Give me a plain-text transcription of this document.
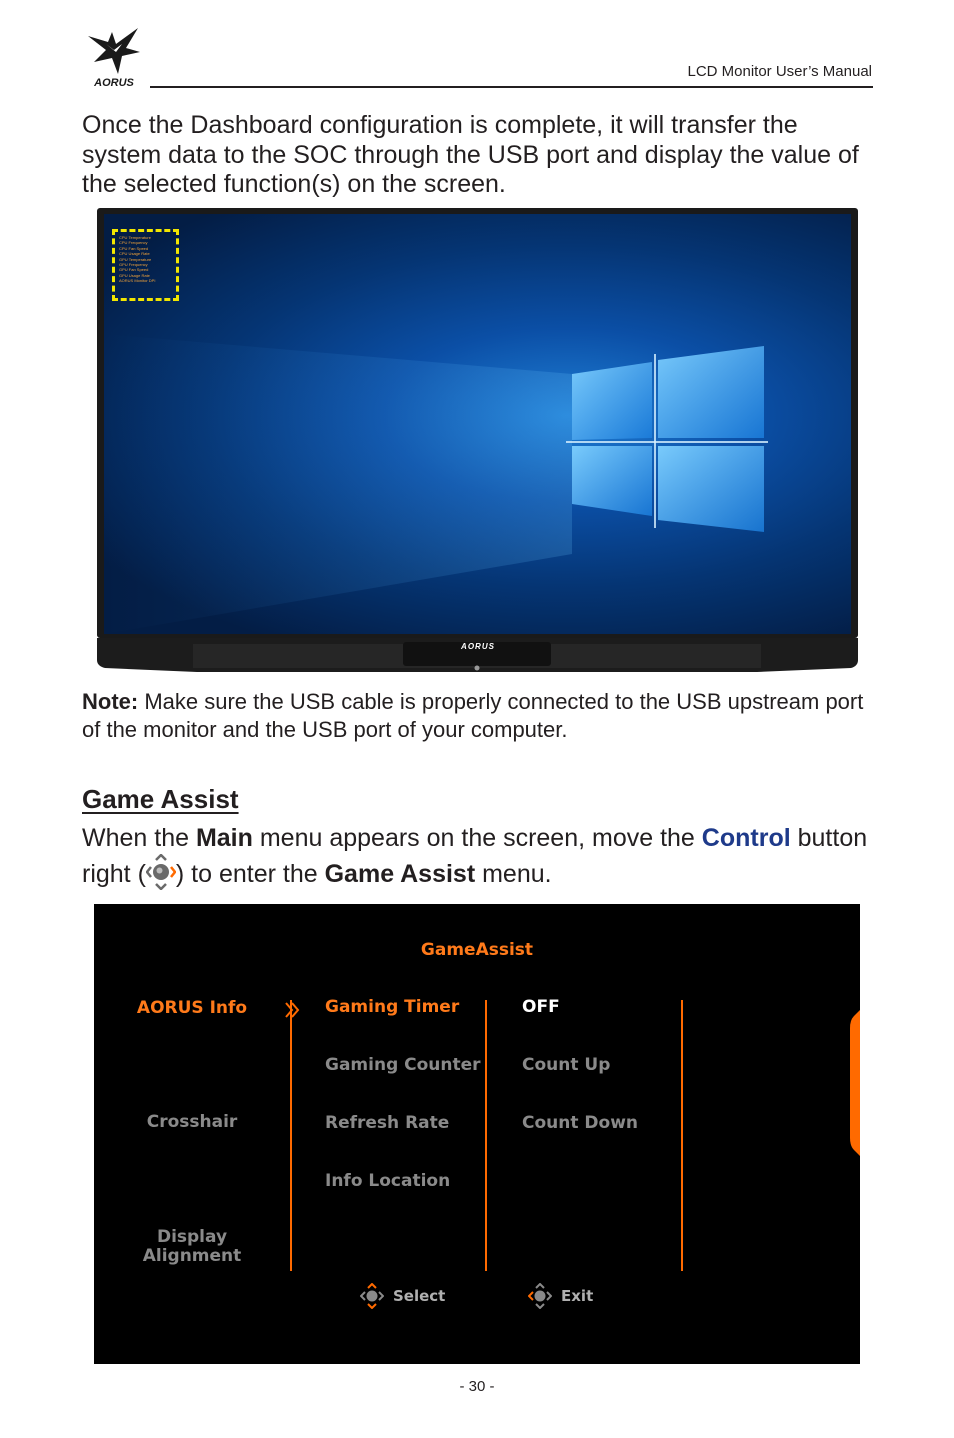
AORUS
LCD Monitor User’s Manual
Once the Dashboard configuration is complete, it will transfer the system data to the SOC through the USB port and display the value of the selected function(s) on the screen.
CPU Temperature
CPU Frequency
CPU Fan Speed
CPU Usage Rate
GPU Temperature
GPU Frequency
GPU Fan Speed
GPU Usage Rate
AORUS Monitor DPI
AORUS
Note: Make sure the USB cable is properly connected to the USB upstream port of the monitor and the USB port of your computer.
Game Assist
When the Main menu appears on the screen, move the Control button right ( ) to enter the Game Assist menu.
GameAssist
AORUS Info
Crosshair
Display
Alignment
Gaming Timer
Gaming Counter
Refresh Rate
Info Location
OFF
Count Up
Count Down
Select	Exit
- 30 -
